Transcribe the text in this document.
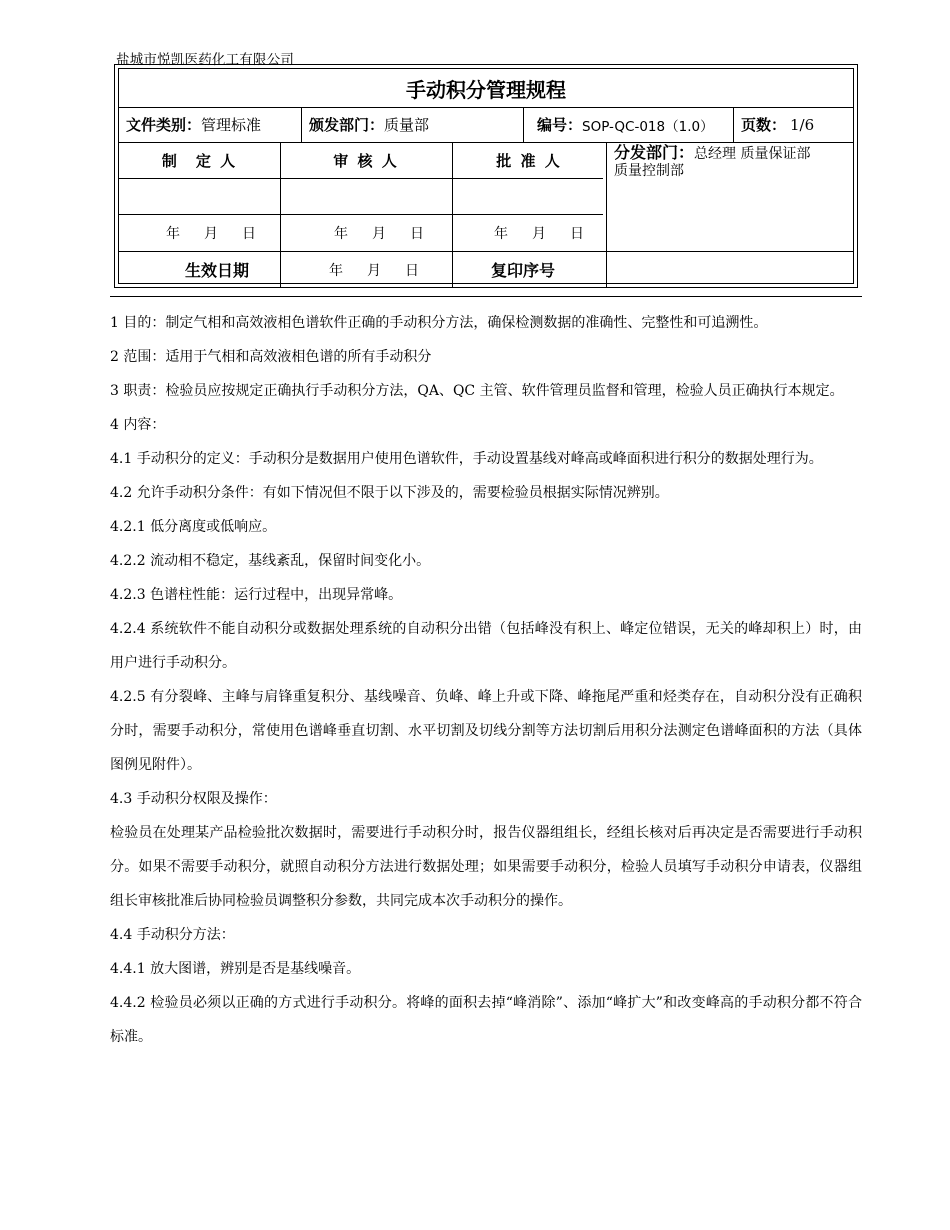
盐城市悦凯医药化工有限公司
手动积分管理规程
文件类别： 管理标准	颁发部门： 质量部	编号： SOP-QC-018（1.0） 页数： 1/6
制　定 人	审 核 人	批 准 人	分发部门：总经理 质量保证部
质量控制部
年 月 日	年 月 日	年 月 日
生效日期	年 月 日	复印序号

1 目的：制定气相和高效液相色谱软件正确的手动积分方法，确保检测数据的准确性、完整性和可追溯性。

2 范围：适用于气相和高效液相色谱的所有手动积分

3 职责：检验员应按规定正确执行手动积分方法，QA、QC 主管、软件管理员监督和管理，检验人员正确执行本规定。

4 内容：

4.1 手动积分的定义：手动积分是数据用户使用色谱软件，手动设置基线对峰高或峰面积进行积分的数据处理行为。

4.2 允许手动积分条件：有如下情况但不限于以下涉及的，需要检验员根据实际情况辨别。

4.2.1 低分离度或低响应。

4.2.2 流动相不稳定，基线紊乱，保留时间变化小。

4.2.3 色谱柱性能：运行过程中，出现异常峰。

4.2.4 系统软件不能自动积分或数据处理系统的自动积分出错（包括峰没有积上、峰定位错误，无关的峰却积上）时，由用户进行手动积分。

4.2.5 有分裂峰、主峰与肩锋重复积分、基线噪音、负峰、峰上升或下降、峰拖尾严重和烃类存在，自动积分没有正确积分时，需要手动积分，常使用色谱峰垂直切割、水平切割及切线分割等方法切割后用积分法测定色谱峰面积的方法（具体图例见附件）。

4.3 手动积分权限及操作：

检验员在处理某产品检验批次数据时，需要进行手动积分时，报告仪器组组长，经组长核对后再决定是否需要进行手动积分。如果不需要手动积分，就照自动积分方法进行数据处理；如果需要手动积分，检验人员填写手动积分申请表，仪器组组长审核批准后协同检验员调整积分参数，共同完成本次手动积分的操作。

4.4 手动积分方法：

4.4.1 放大图谱，辨别是否是基线噪音。

4.4.2 检验员必须以正确的方式进行手动积分。将峰的面积去掉“峰消除”、添加“峰扩大”和改变峰高的手动积分都不符合标准。
